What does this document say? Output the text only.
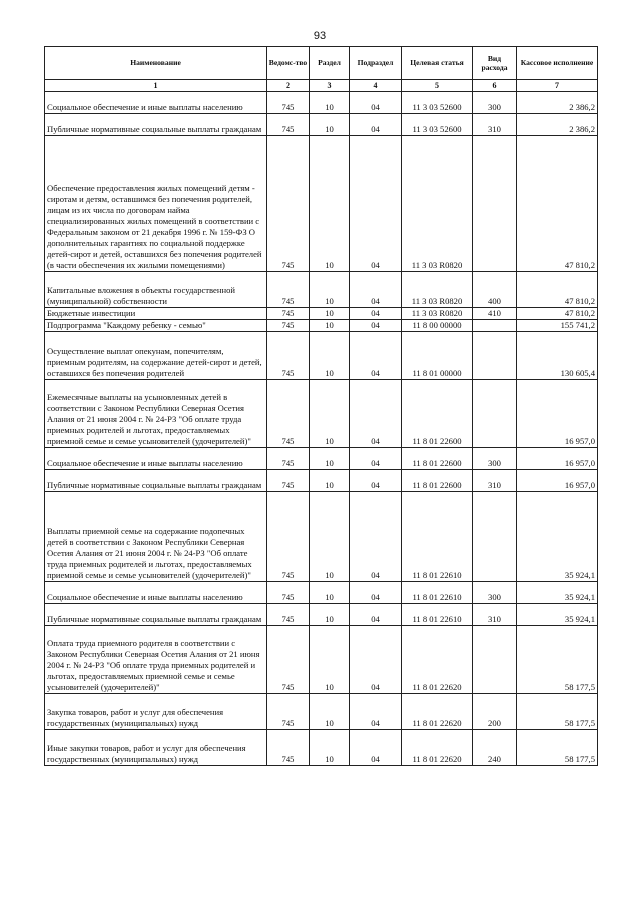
93
Наименование	Ведомс-тво	Раздел	Подраздел	Целевая статья	Вид расхода	Кассовое исполнение
1	2	3	4	5	6	7
Социальное обеспечение и иные выплаты населению	745	10	04	11 3 03 52600	300	2 386,2
Публичные нормативные социальные выплаты гражданам	745	10	04	11 3 03 52600	310	2 386,2
Обеспечение предоставления жилых помещений детям - сиротам и детям, оставшимся без попечения родителей, лицам из их числа по договорам найма специализированных жилых помещений в соответствии с Федеральным законом от 21 декабря 1996 г. № 159-ФЗ О дополнительных гарантиях по социальной поддержке детей-сирот и детей, оставшихся без попечения родителей (в части обеспечения их жилыми помещениями)	745	10	04	11 3 03 R0820		47 810,2
Капитальные вложения в объекты государственной (муниципальной) собственности	745	10	04	11 3 03 R0820	400	47 810,2
Бюджетные инвестиции	745	10	04	11 3 03 R0820	410	47 810,2
Подпрограмма "Каждому ребенку - семью"	745	10	04	11 8 00 00000		155 741,2
Осуществление выплат опекунам, попечителям, приемным родителям, на содержание детей-сирот и детей, оставшихся без попечения родителей	745	10	04	11 8 01 00000		130 605,4
Ежемесячные выплаты на усыновленных детей в соответствии с Законом Республики Северная Осетия Алания от 21 июня 2004 г. № 24-РЗ "Об оплате труда приемных родителей и льготах, предоставляемых приемной семье и семье усыновителей (удочерителей)"	745	10	04	11 8 01 22600		16 957,0
Социальное обеспечение и иные выплаты населению	745	10	04	11 8 01 22600	300	16 957,0
Публичные нормативные социальные выплаты гражданам	745	10	04	11 8 01 22600	310	16 957,0
Выплаты приемной семье на содержание подопечных детей в соответствии с Законом Республики Северная Осетия Алания от 21 июня 2004 г. № 24-РЗ "Об оплате труда приемных родителей и льготах, предоставляемых приемной семье и семье усыновителей (удочерителей)"	745	10	04	11 8 01 22610		35 924,1
Социальное обеспечение и иные выплаты населению	745	10	04	11 8 01 22610	300	35 924,1
Публичные нормативные социальные выплаты гражданам	745	10	04	11 8 01 22610	310	35 924,1
Оплата труда приемного родителя в соответствии с Законом Республики Северная Осетия Алания от 21 июня 2004 г. № 24-РЗ "Об оплате труда приемных родителей и льготах, предоставляемых приемной семье и семье усыновителей (удочерителей)"	745	10	04	11 8 01 22620		58 177,5
Закупка товаров, работ и услуг для обеспечения государственных (муниципальных) нужд	745	10	04	11 8 01 22620	200	58 177,5
Иные закупки товаров, работ и услуг для обеспечения государственных (муниципальных) нужд	745	10	04	11 8 01 22620	240	58 177,5
